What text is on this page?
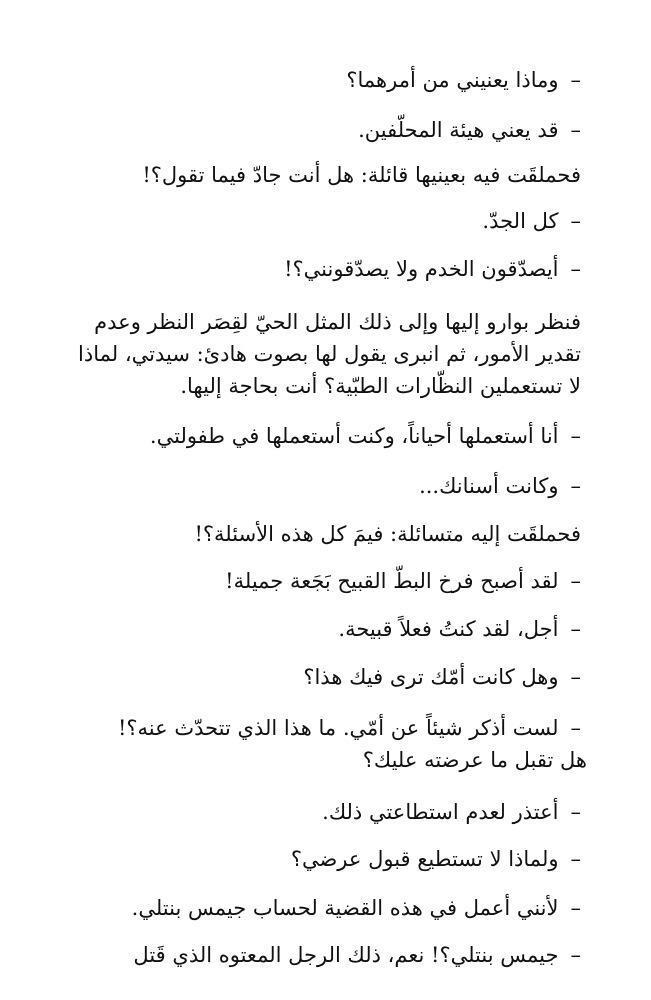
–وماذا يعنيني من أمرهما؟

–قد يعني هيئة المحلّفين.

فحملقَت فيه بعينيها قائلة: هل أنت جادّ فيما تقول؟!

–كل الجدّ.

–أيصدّقون الخدم ولا يصدّقونني؟!

فنظر بوارو إليها وإلى ذلك المثل الحيّ لقِصَر النظر وعدم
تقدير الأمور، ثم انبرى يقول لها بصوت هادئ: سيدتي، لماذا
لا تستعملين النظّارات الطبّية؟ أنت بحاجة إليها.

–أنا أستعملها أحياناً، وكنت أستعملها في طفولتي.

–وكانت أسنانك...

فحملقَت إليه متسائلة: فيمَ كل هذه الأسئلة؟!

–لقد أصبح فرخ البطّ القبيح بَجَعة جميلة!

–أجل، لقد كنتُ فعلاً قبيحة.

–وهل كانت أمّك ترى فيك هذا؟

–لست أذكر شيئاً عن أمّي. ما هذا الذي تتحدّث عنه؟!
هل تقبل ما عرضته عليك؟

–أعتذر لعدم استطاعتي ذلك.

–ولماذا لا تستطيع قبول عرضي؟

–لأنني أعمل في هذه القضية لحساب جيمس بنتلي.

–جيمس بنتلي؟! نعم، ذلك الرجل المعتوه الذي قَتل
